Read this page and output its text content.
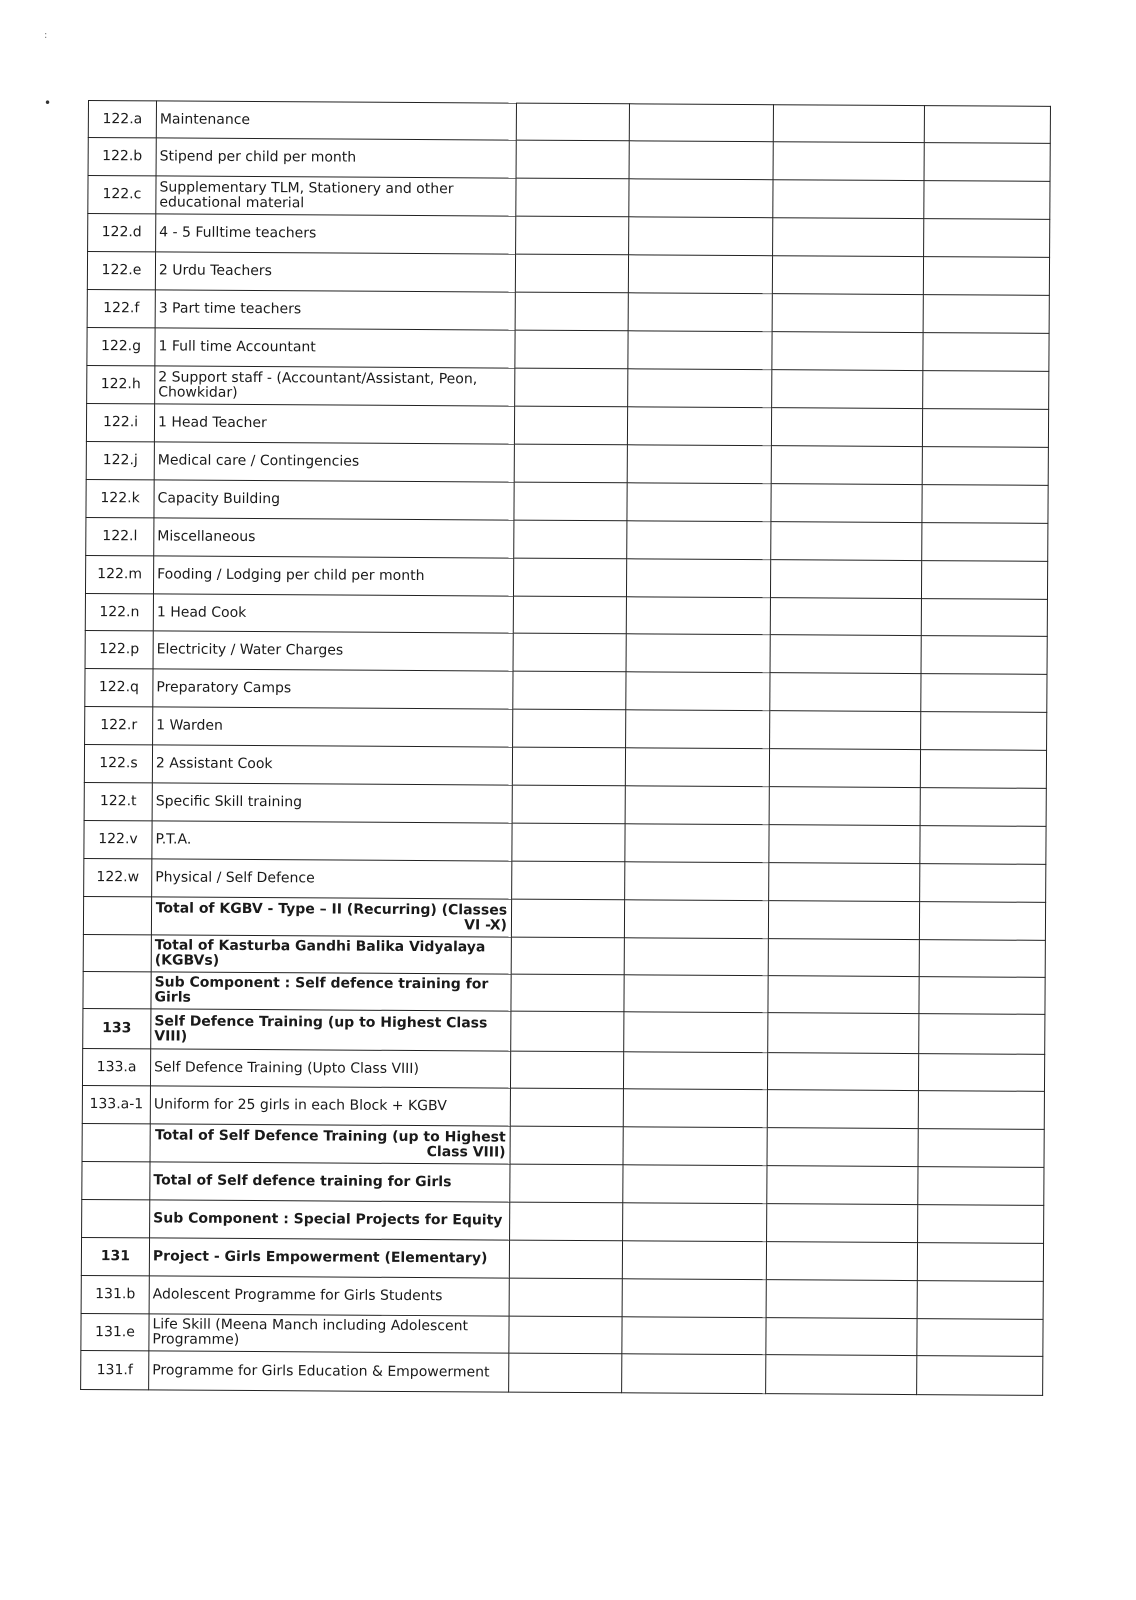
:
•
122.a	Maintenance				
122.b	Stipend per child per month				
122.c	Supplementary TLM, Stationery and other educational material				
122.d	4 - 5 Fulltime teachers				
122.e	2 Urdu Teachers				
122.f	3 Part time teachers				
122.g	1 Full time Accountant				
122.h	2 Support staff - (Accountant/Assistant, Peon, Chowkidar)				
122.i	1 Head Teacher				
122.j	Medical care / Contingencies				
122.k	Capacity Building				
122.l	Miscellaneous				
122.m	Fooding / Lodging per child per month				
122.n	1 Head Cook				
122.p	Electricity / Water Charges				
122.q	Preparatory Camps				
122.r	1 Warden				
122.s	2 Assistant Cook				
122.t	Specific Skill training				
122.v	P.T.A.				
122.w	Physical / Self Defence				
	Total of KGBV - Type – II (Recurring) (Classes VI -X)				
	Total of Kasturba Gandhi Balika Vidyalaya (KGBVs)				
	Sub Component : Self defence training for Girls				
133	Self Defence Training (up to Highest Class VIII)				
133.a	Self Defence Training (Upto Class VIII)				
133.a-1	Uniform for 25 girls in each Block + KGBV				
	Total of Self Defence Training (up to Highest Class VIII)				
	Total of Self defence training for Girls				
	Sub Component : Special Projects for Equity				
131	Project - Girls Empowerment (Elementary)				
131.b	Adolescent Programme for Girls Students				
131.e	Life Skill (Meena Manch including Adolescent Programme)				
131.f	Programme for Girls Education & Empowerment				
